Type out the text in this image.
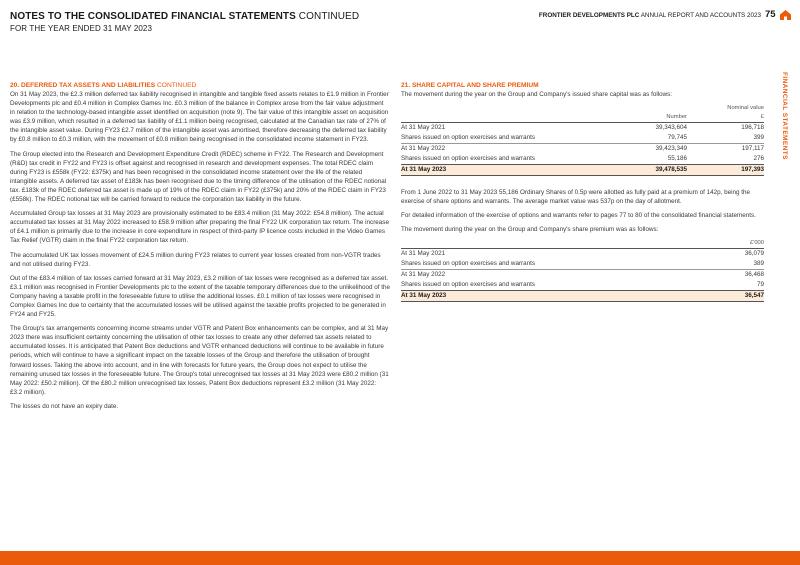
NOTES TO THE CONSOLIDATED FINANCIAL STATEMENTS CONTINUED
FOR THE YEAR ENDED 31 MAY 2023
FRONTIER DEVELOPMENTS PLC ANNUAL REPORT AND ACCOUNTS 2023 75
FINANCIAL STATEMENTS
20. DEFERRED TAX ASSETS AND LIABILITIES CONTINUED

On 31 May 2023, the £2.3 million deferred tax liability recognised in intangible and tangible fixed assets relates to £1.9 million in Frontier Developments plc and £0.4 million in Complex Games Inc. £0.3 million of the balance in Complex arose from the fair value adjustment in relation to the technology-based intangible asset identified on acquisition (note 9). The fair value of this intangible asset on acquisition was £3.9 million, which resulted in a deferred tax liability of £1.1 million being recognised, calculated at the Canadian tax rate of 27% of the intangible asset value. During FY23 £2.7 million of the intangible asset was amortised, therefore decreasing the deferred tax liability by £0.8 million to £0.3 million, with the movement of £0.8 million being recognised in the consolidated income statement in FY23.

The Group elected into the Research and Development Expenditure Credit (RDEC) scheme in FY22. The Research and Development (R&D) tax credit in FY22 and FY23 is offset against and recognised in research and development expenses. The total RDEC claim during FY23 is £558k (FY22: £375k) and has been recognised in the consolidated income statement over the life of the related intangible assets. A deferred tax asset of £183k has been recognised due to the timing difference of the utilisation of the RDEC notional tax. £183k of the RDEC deferred tax asset is made up of 19% of the RDEC claim in FY22 (£375k) and 20% of the RDEC claim in FY23 (£558k). The RDEC notional tax will be carried forward to reduce the corporation tax liability in the future.

Accumulated Group tax losses at 31 May 2023 are provisionally estimated to be £83.4 million (31 May 2022: £54.8 million). The actual accumulated tax losses at 31 May 2022 increased to £58.9 million after preparing the final FY22 UK corporation tax return. The increase of £4.1 million is primarily due to the increase in core expenditure in respect of third-party IP licence costs included in the Video Games Tax Relief (VGTR) claim in the final FY22 corporation tax return.

The accumulated UK tax losses movement of £24.5 million during FY23 relates to current year losses created from non-VGTR trades and not utilised during FY23.

Out of the £83.4 million of tax losses carried forward at 31 May 2023, £3.2 million of tax losses were recognised as a deferred tax asset. £3.1 million was recognised in Frontier Developments plc to the extent of the taxable temporary differences due to the unlikelihood of the Company having a taxable profit in the foreseeable future to utilise the additional losses. £0.1 million of tax losses were recognised in Complex Games Inc due to certainty that the accumulated losses will be utilised against the taxable profits projected to be generated in FY24 and FY25.

The Group's tax arrangements concerning income streams under VGTR and Patent Box enhancements can be complex, and at 31 May 2023 there was insufficient certainty concerning the utilisation of other tax losses to create any other deferred tax assets related to accumulated losses. It is anticipated that Patent Box deductions and VGTR enhanced deductions will continue to be available in future periods, which will continue to have a significant impact on the taxable losses of the Group and therefore the utilisation of brought forward losses. Taking the above into account, and in line with forecasts for future years, the Group does not expect to utilise the remaining unused tax losses in the foreseeable future. The Group's total unrecognised tax losses at 31 May 2023 were £80.2 million (31 May 2022: £50.2 million). Of the £80.2 million unrecognised tax losses, Patent Box deductions represent £3.2 million (31 May 2022: £3.2 million).

The losses do not have an expiry date.

21. SHARE CAPITAL AND SHARE PREMIUM

The movement during the year on the Group and Company's issued share capital was as follows:

	Number	Nominal value
£

At 31 May 2021	39,343,604	196,718
Shares issued on option exercises and warrants	79,745	399
At 31 May 2022	39,423,349	197,117
Shares issued on option exercises and warrants	55,186	276
At 31 May 2023	39,478,535	197,393

From 1 June 2022 to 31 May 2023 55,186 Ordinary Shares of 0.5p were allotted as fully paid at a premium of 142p, being the exercise of share options and warrants. The average market value was 537p on the day of allotment.

For detailed information of the exercise of options and warrants refer to pages 77 to 80 of the consolidated financial statements.

The movement during the year on the Group and Company's share premium was as follows:

	£'000
At 31 May 2021	36,079
Shares issued on option exercises and warrants	389
At 31 May 2022	36,468
Shares issued on option exercises and warrants	79
At 31 May 2023	36,547
